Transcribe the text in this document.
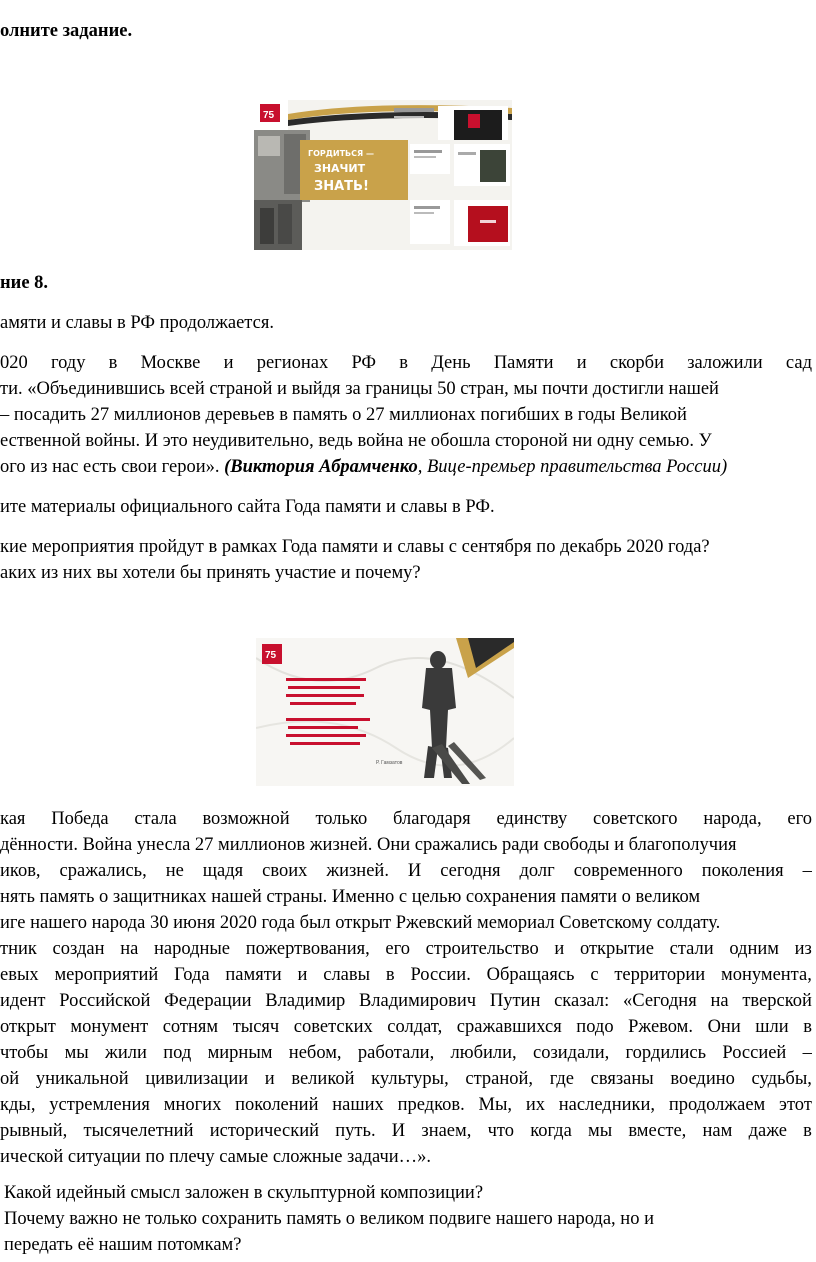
олните задание.
75
ГОРДИТЬСЯ —
ЗНАЧИТ
ЗНАТЬ!
ние 8.
амяти и славы в РФ продолжается.
020 году в Москве и регионах РФ в День Памяти и скорби заложили сад
ти. «Объединившись всей страной и выйдя за границы 50 стран, мы почти достигли нашей
– посадить 27 миллионов деревьев в память о 27 миллионах погибших в годы Великой
ественной войны. И это неудивительно, ведь война не обошла стороной ни одну семью. У
ого из нас есть свои герои». (Виктория Абрамченко, Вице-премьер правительства России)
ите материалы официального сайта Года памяти и славы в РФ.
кие мероприятия пройдут в рамках Года памяти и славы с сентября по декабрь 2020 года?
аких из них вы хотели бы принять участие и почему?
75
Р. Гамзатов
кая Победа стала возможной только благодаря единству советского народа, его
дённости. Война унесла 27 миллионов жизней. Они сражались ради свободы и благополучия
иков, сражались, не щадя своих жизней. И сегодня долг современного поколения –
нять память о защитниках нашей страны. Именно с целью сохранения памяти о великом
иге нашего народа 30 июня 2020 года был открыт Ржевский мемориал Советскому солдату.
тник создан на народные пожертвования, его строительство и открытие стали одним из
евых мероприятий Года памяти и славы в России. Обращаясь с территории монумента,
идент Российской Федерации Владимир Владимирович Путин сказал: «Сегодня на тверской
открыт монумент сотням тысяч советских солдат, сражавшихся подо Ржевом. Они шли в
чтобы мы жили под мирным небом, работали, любили, созидали, гордились Россией –
ой уникальной цивилизации и великой культуры, страной, где связаны воедино судьбы,
кды, устремления многих поколений наших предков. Мы, их наследники, продолжаем этот
рывный, тысячелетний исторический путь. И знаем, что когда мы вместе, нам даже в
ической ситуации по плечу самые сложные задачи…».
Какой идейный смысл заложен в скульптурной композиции?
Почему важно не только сохранить память о великом подвиге нашего народа, но и
передать её нашим потомкам?
